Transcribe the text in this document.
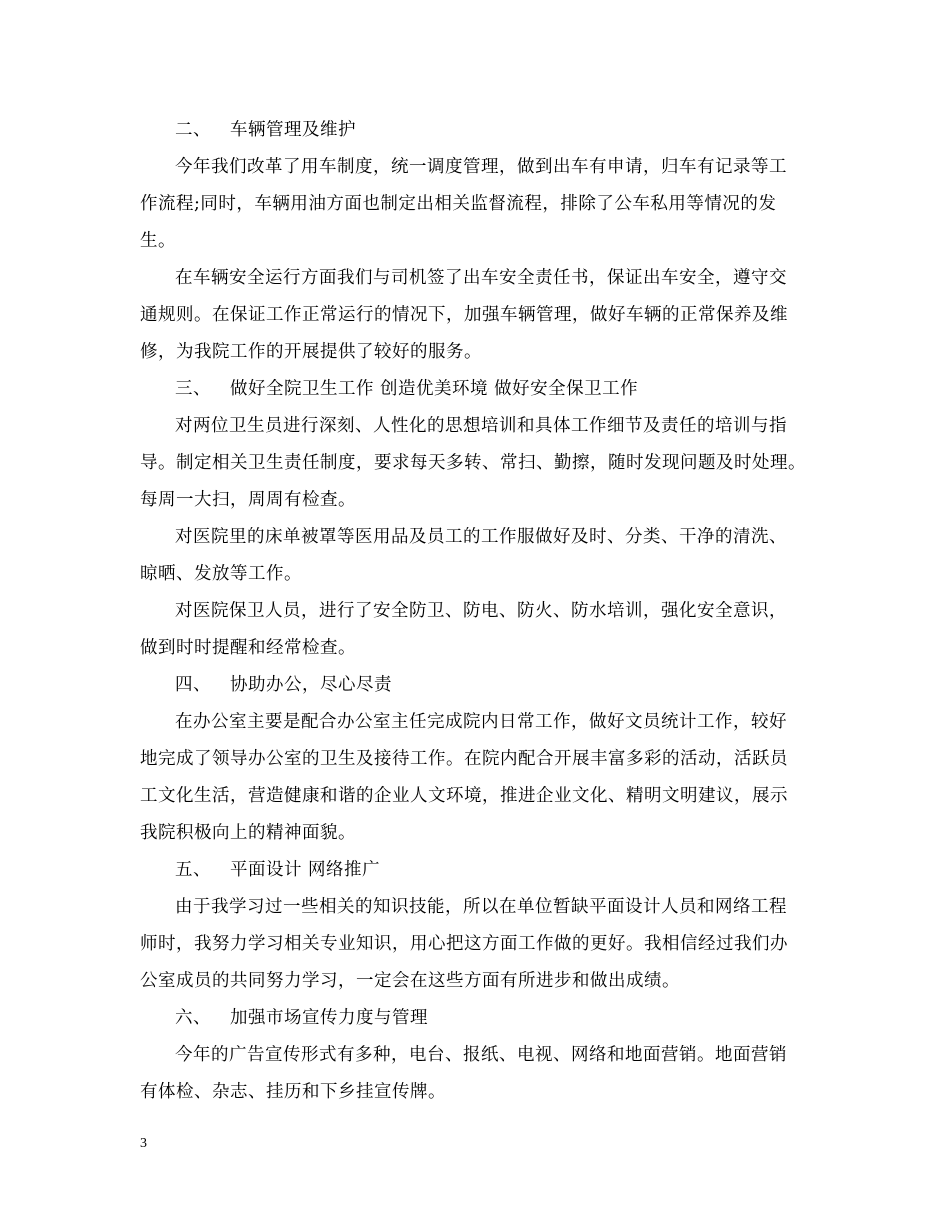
二、 车辆管理及维护
今年我们改革了用车制度，统一调度管理，做到出车有申请，归车有记录等工
作流程;同时，车辆用油方面也制定出相关监督流程，排除了公车私用等情况的发
生。
在车辆安全运行方面我们与司机签了出车安全责任书，保证出车安全，遵守交
通规则。在保证工作正常运行的情况下，加强车辆管理，做好车辆的正常保养及维
修，为我院工作的开展提供了较好的服务。
三、 做好全院卫生工作 创造优美环境 做好安全保卫工作
对两位卫生员进行深刻、人性化的思想培训和具体工作细节及责任的培训与指
导。制定相关卫生责任制度，要求每天多转、常扫、勤擦，随时发现问题及时处理。
每周一大扫，周周有检查。
对医院里的床单被罩等医用品及员工的工作服做好及时、分类、干净的清洗、
晾晒、发放等工作。
对医院保卫人员，进行了安全防卫、防电、防火、防水培训，强化安全意识，
做到时时提醒和经常检查。
四、 协助办公，尽心尽责
在办公室主要是配合办公室主任完成院内日常工作，做好文员统计工作，较好
地完成了领导办公室的卫生及接待工作。在院内配合开展丰富多彩的活动，活跃员
工文化生活，营造健康和谐的企业人文环境，推进企业文化、精明文明建议，展示
我院积极向上的精神面貌。
五、 平面设计 网络推广
由于我学习过一些相关的知识技能，所以在单位暂缺平面设计人员和网络工程
师时，我努力学习相关专业知识，用心把这方面工作做的更好。我相信经过我们办
公室成员的共同努力学习，一定会在这些方面有所进步和做出成绩。
六、 加强市场宣传力度与管理
今年的广告宣传形式有多种，电台、报纸、电视、网络和地面营销。地面营销
有体检、杂志、挂历和下乡挂宣传牌。
3
